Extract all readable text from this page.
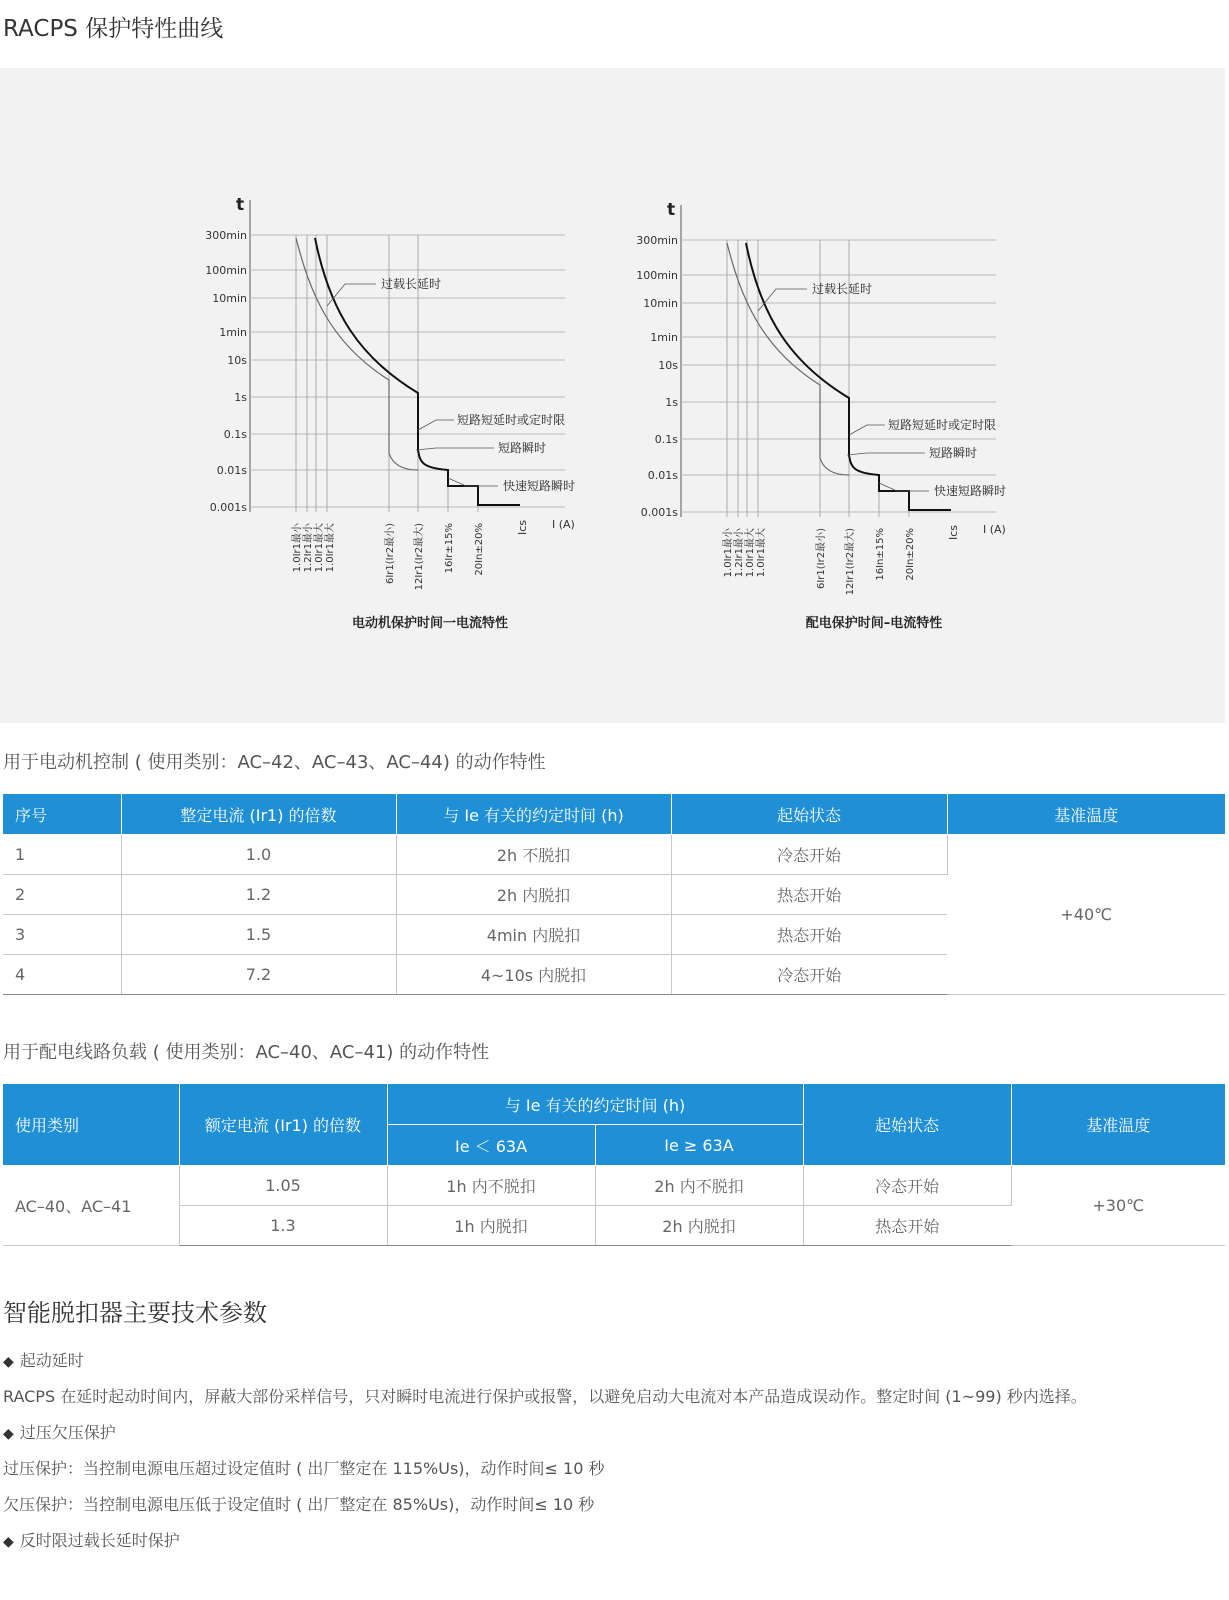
RACPS 保护特性曲线
t
300min
100min
10min
1min
10s
1s
0.1s
0.01s
0.001s
过载长延时
短路短延时或定时限
短路瞬时
快速短路瞬时
1.0Ir1最小 1.2Ir1最小 1.0Ir1最大 1.0Ir1最大	6Ir1(Ir2最小) 12Ir1(Ir2最大) 16Ir±15% 20In±20%	Ics I (A)
电动机保护时间一电流特性
t
300min
100min
10min
1min
10s
1s
0.1s
0.01s
0.001s
过载长延时
短路短延时或定时限
短路瞬时
快速短路瞬时
1.0Ir1最小 1.2Ir1最小 1.0Ir1最大 1.0Ir1最大	6Ir1(Ir2最小) 12Ir1(Ir2最大) 16In±15% 20In±20%	Ics I (A)
配电保护时间–电流特性
用于电动机控制 ( 使用类别：AC–42、AC–43、AC–44) 的动作特性
序号	整定电流 (Ir1) 的倍数	与 Ie 有关的约定时间 (h)	起始状态	基准温度
1	1.0	2h 不脱扣	冷态开始	+40℃
2	1.2	2h 内脱扣	热态开始	
3	1.5	4min 内脱扣	热态开始	
4	7.2	4~10s 内脱扣	冷态开始	
用于配电线路负载 ( 使用类别：AC–40、AC–41) 的动作特性
使用类别	额定电流 (Ir1) 的倍数	与 Ie 有关的约定时间 (h)		起始状态	基准温度
		Ie ＜ 63A	Ie ≥ 63A		
AC–40、AC–41	1.05	1h 内不脱扣	2h 内不脱扣	冷态开始	+30℃
	1.3	1h 内脱扣	2h 内脱扣	热态开始	
智能脱扣器主要技术参数
◆ 起动延时
RACPS 在延时起动时间内，屏蔽大部份采样信号，只对瞬时电流进行保护或报警，以避免启动大电流对本产品造成误动作。整定时间 (1~99) 秒内选择。
◆ 过压欠压保护
过压保护：当控制电源电压超过设定值时 ( 出厂整定在 115%Us)，动作时间≤ 10 秒
欠压保护：当控制电源电压低于设定值时 ( 出厂整定在 85%Us)，动作时间≤ 10 秒
◆ 反时限过载长延时保护
